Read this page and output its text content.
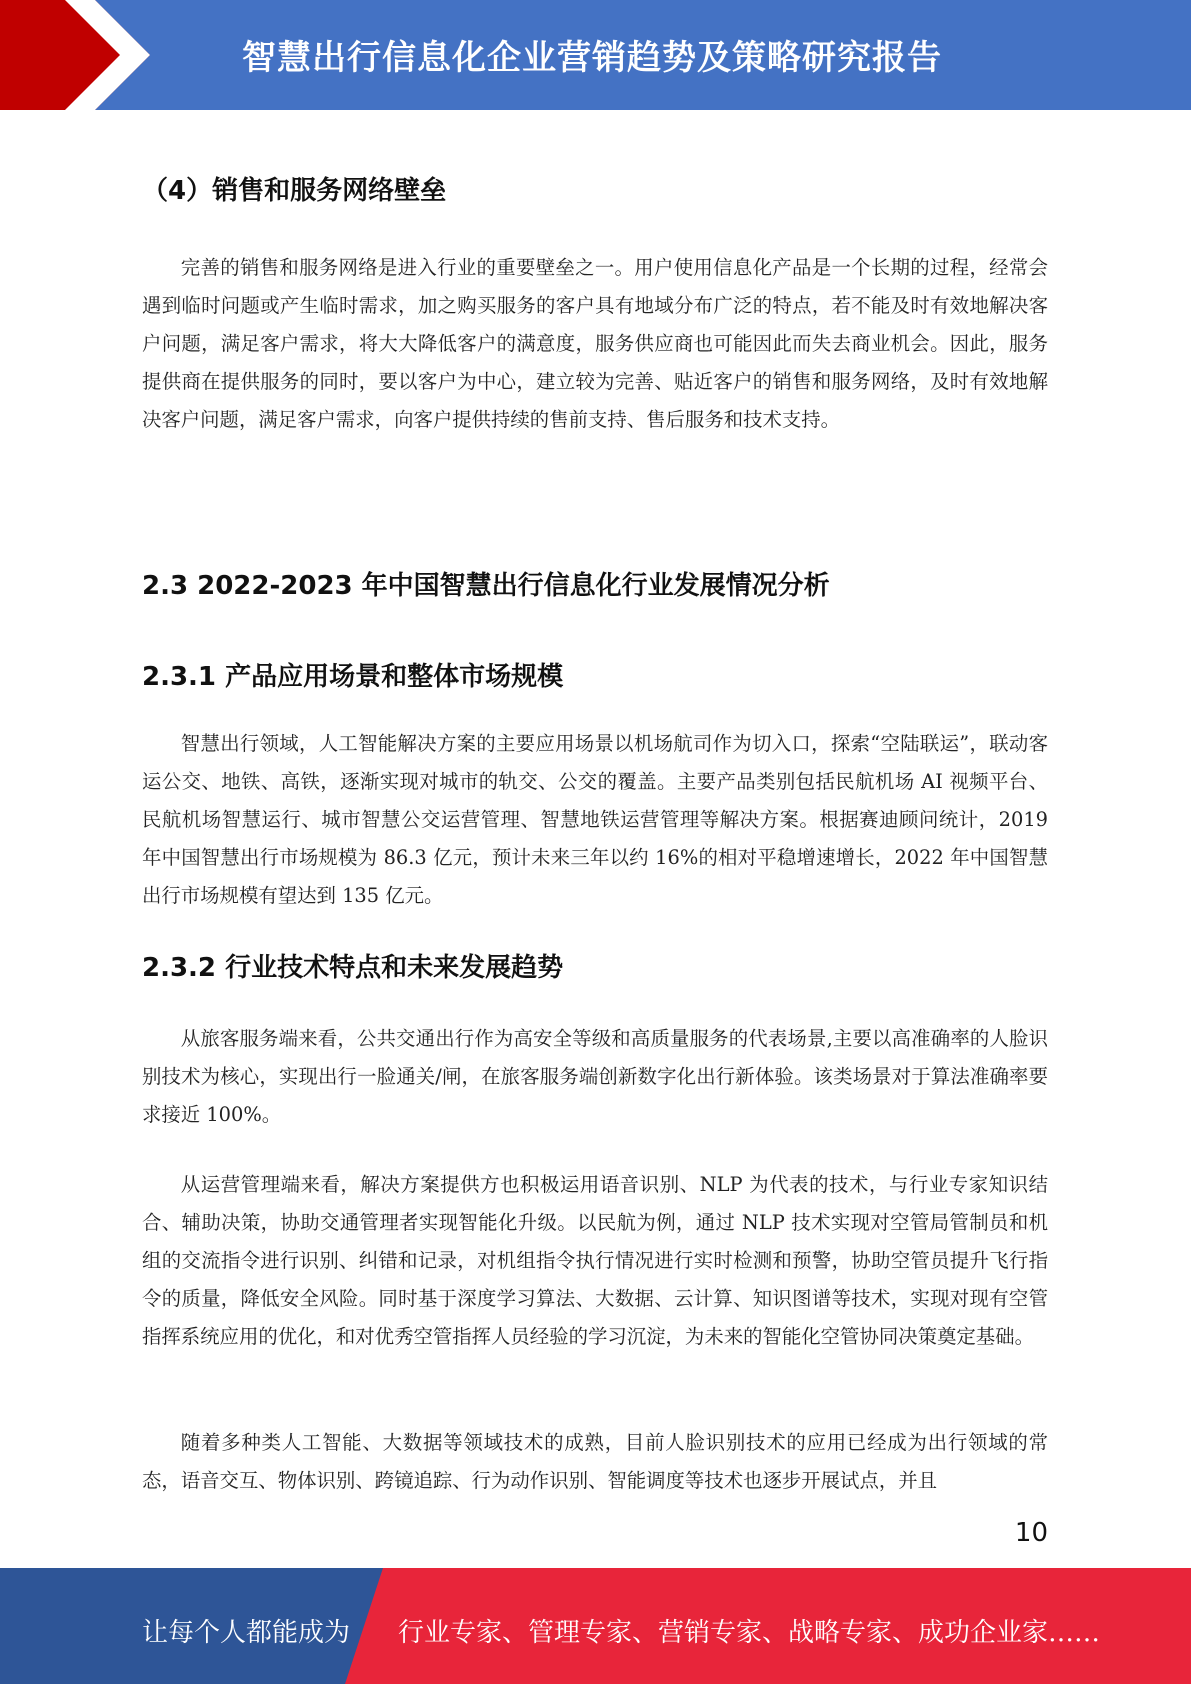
智慧出行信息化企业营销趋势及策略研究报告
（4）销售和服务网络壁垒

完善的销售和服务网络是进入行业的重要壁垒之一。用户使用信息化产品是一个长期的过程，经常会遇到临时问题或产生临时需求，加之购买服务的客户具有地域分布广泛的特点，若不能及时有效地解决客户问题，满足客户需求，将大大降低客户的满意度，服务供应商也可能因此而失去商业机会。因此，服务提供商在提供服务的同时，要以客户为中心，建立较为完善、贴近客户的销售和服务网络，及时有效地解决客户问题，满足客户需求，向客户提供持续的售前支持、售后服务和技术支持。

2.3 2022-2023 年中国智慧出行信息化行业发展情况分析
2.3.1 产品应用场景和整体市场规模

智慧出行领域，人工智能解决方案的主要应用场景以机场航司作为切入口，探索“空陆联运”，联动客运公交、地铁、高铁，逐渐实现对城市的轨交、公交的覆盖。主要产品类别包括民航机场 AI 视频平台、民航机场智慧运行、城市智慧公交运营管理、智慧地铁运营管理等解决方案。根据赛迪顾问统计，2019 年中国智慧出行市场规模为 86.3 亿元，预计未来三年以约 16%的相对平稳增速增长，2022 年中国智慧出行市场规模有望达到 135 亿元。

2.3.2 行业技术特点和未来发展趋势

从旅客服务端来看，公共交通出行作为高安全等级和高质量服务的代表场景,主要以高准确率的人脸识别技术为核心，实现出行一脸通关/闸，在旅客服务端创新数字化出行新体验。该类场景对于算法准确率要求接近 100%。

从运营管理端来看，解决方案提供方也积极运用语音识别、NLP 为代表的技术，与行业专家知识结合、辅助决策，协助交通管理者实现智能化升级。以民航为例，通过 NLP 技术实现对空管局管制员和机组的交流指令进行识别、纠错和记录，对机组指令执行情况进行实时检测和预警，协助空管员提升飞行指令的质量，降低安全风险。同时基于深度学习算法、大数据、云计算、知识图谱等技术，实现对现有空管指挥系统应用的优化，和对优秀空管指挥人员经验的学习沉淀，为未来的智能化空管协同决策奠定基础。

随着多种类人工智能、大数据等领域技术的成熟，目前人脸识别技术的应用已经成为出行领域的常态，语音交互、物体识别、跨镜追踪、行为动作识别、智能调度等技术也逐步开展试点，并且

10
让每个人都能成为 行业专家、管理专家、营销专家、战略专家、成功企业家……
